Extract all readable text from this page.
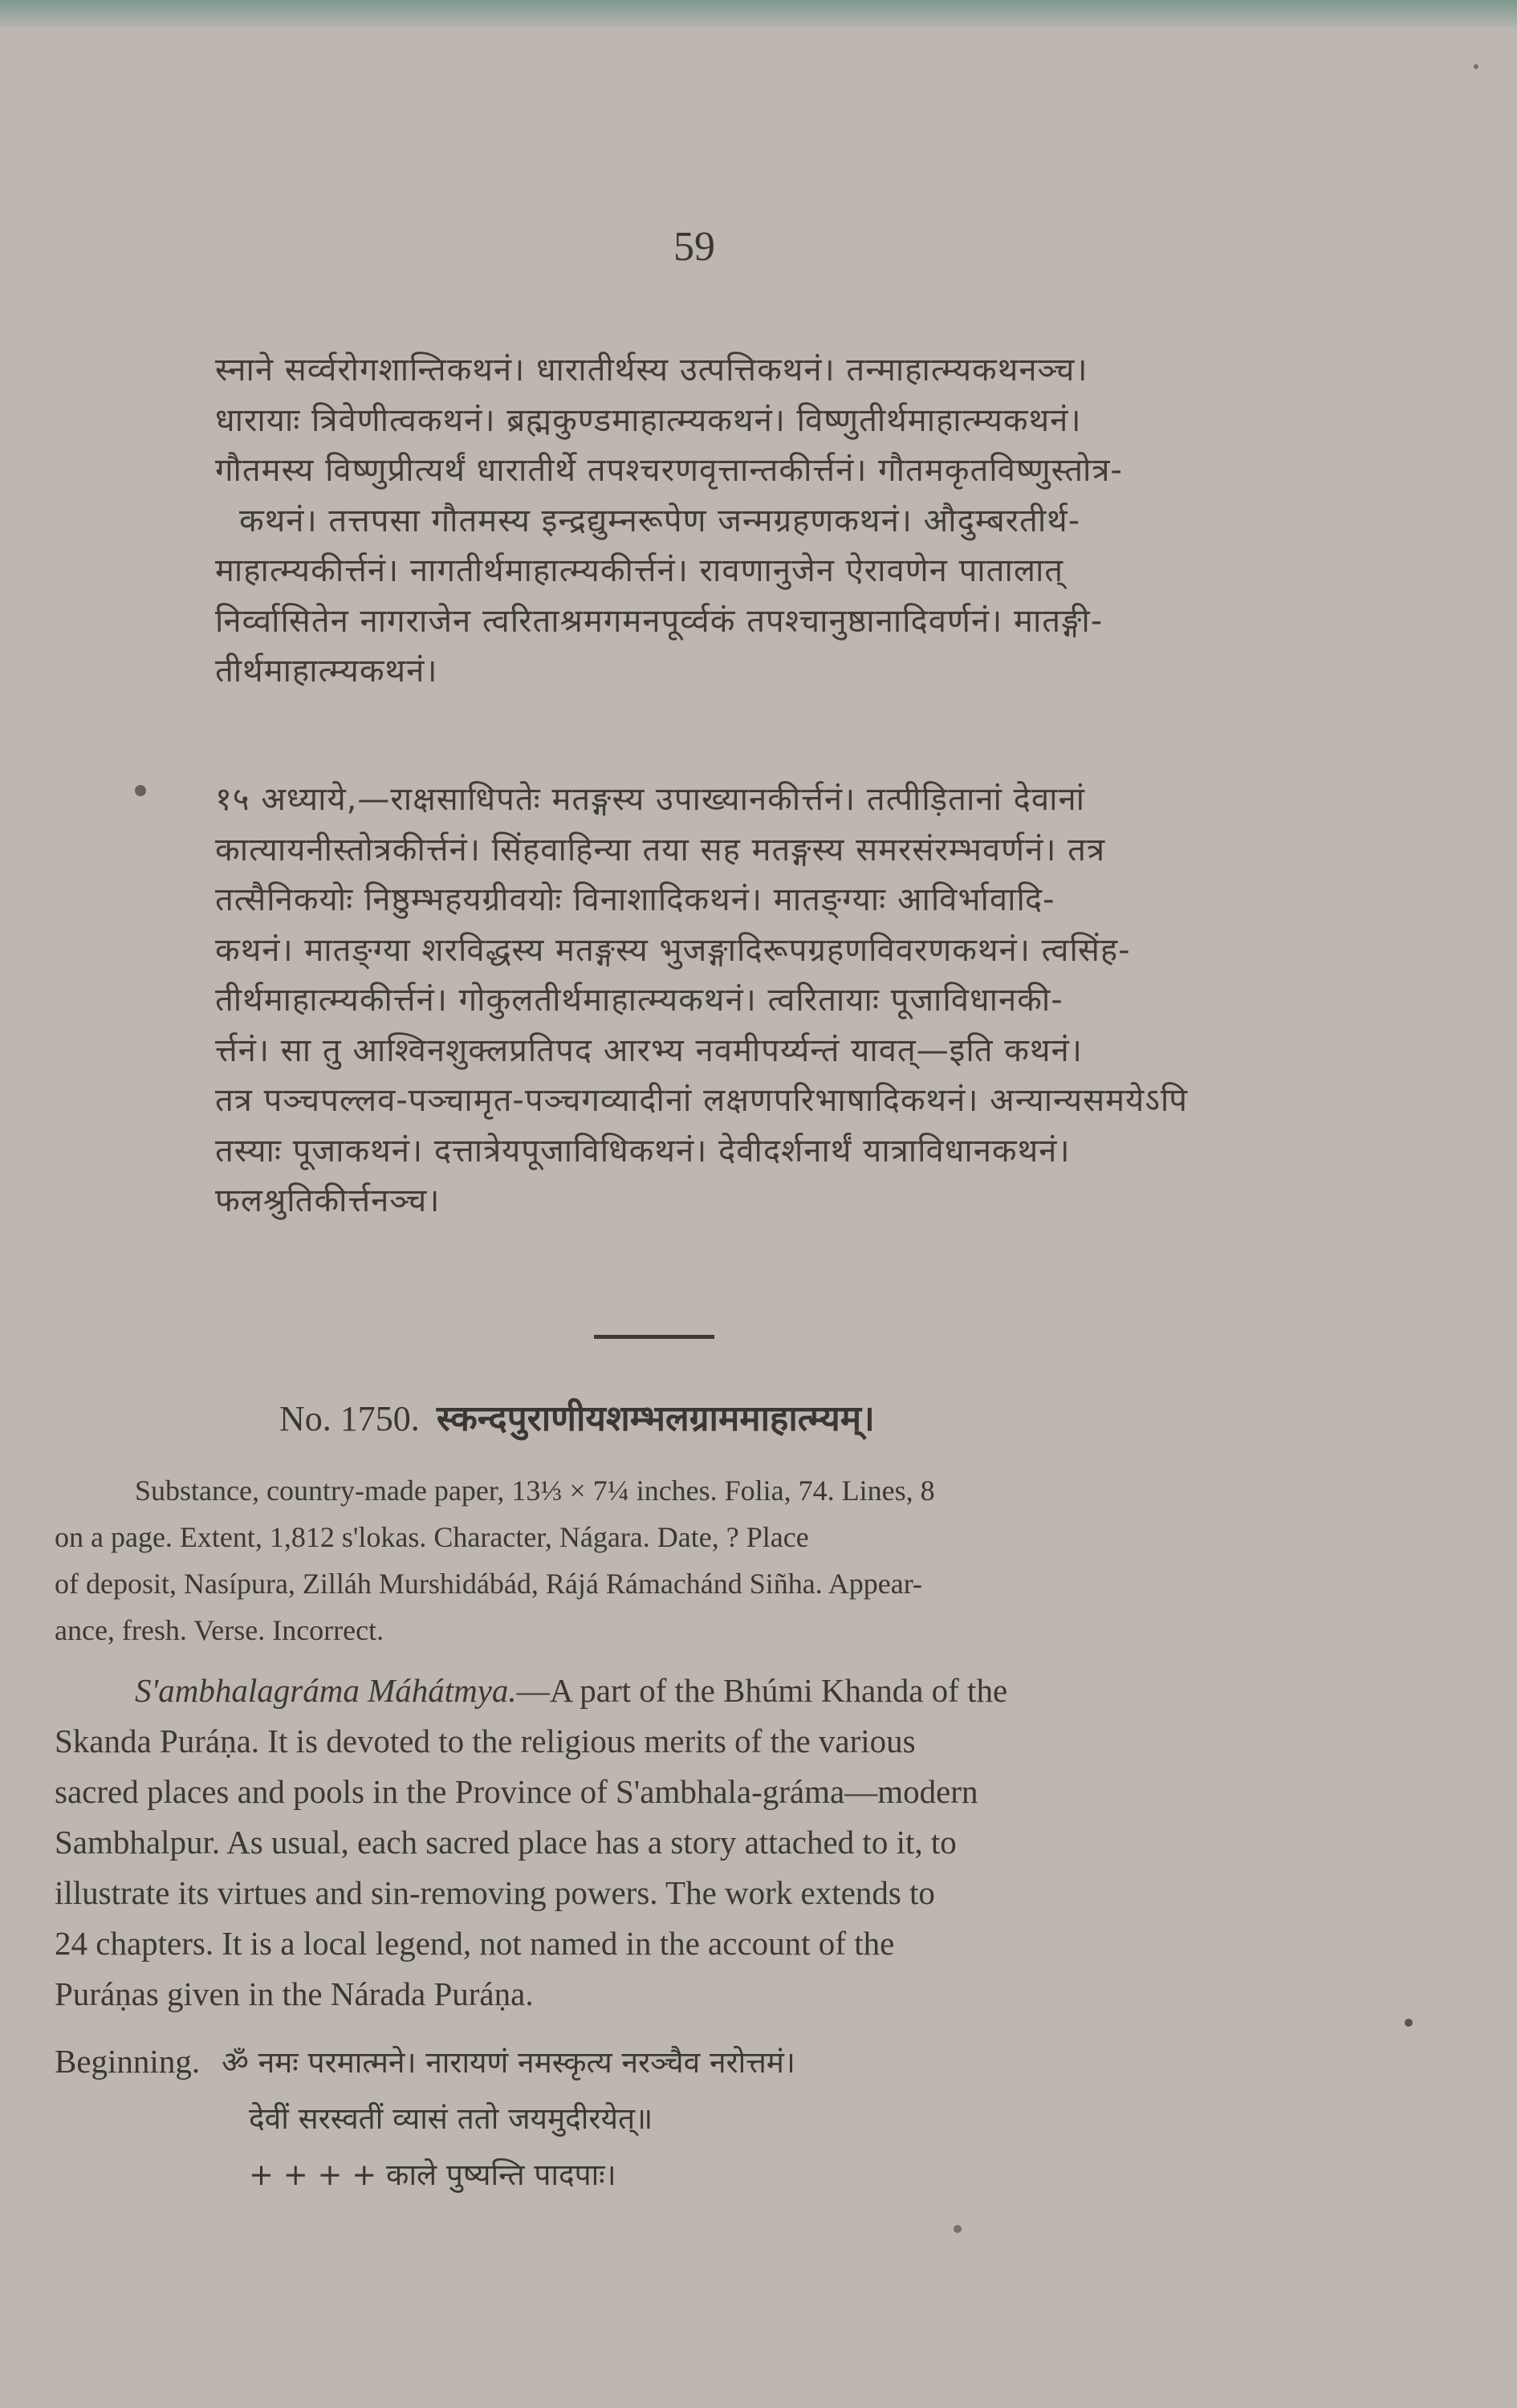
59
स्नाने सर्व्वरोगशान्तिकथनं। धारातीर्थस्य उत्पत्तिकथनं। तन्माहात्म्यकथनञ्च।
धारायाः त्रिवेणीत्वकथनं। ब्रह्मकुण्डमाहात्म्यकथनं। विष्णुतीर्थमाहात्म्यकथनं।
गौतमस्य विष्णुप्रीत्यर्थं धारातीर्थे तपश्चरणवृत्तान्तकीर्त्तनं। गौतमकृतविष्णुस्तोत्र-
कथनं। तत्तपसा गौतमस्य इन्द्रद्युम्नरूपेण जन्मग्रहणकथनं। औदुम्बरतीर्थ-
माहात्म्यकीर्त्तनं। नागतीर्थमाहात्म्यकीर्त्तनं। रावणानुजेन ऐरावणेन पातालात्
निर्व्वासितेन नागराजेन त्वरिताश्रमगमनपूर्व्वकं तपश्चानुष्ठानादिवर्णनं। मातङ्गी-
तीर्थमाहात्म्यकथनं।
१५ अध्याये,—राक्षसाधिपतेः मतङ्गस्य उपाख्यानकीर्त्तनं। तत्पीड़ितानां देवानां
कात्यायनीस्तोत्रकीर्त्तनं। सिंहवाहिन्या तया सह मतङ्गस्य समरसंरम्भवर्णनं। तत्र
तत्सैनिकयोः निष्ठुम्भहयग्रीवयोः विनाशादिकथनं। मातङ्ग्याः आविर्भावादि-
कथनं। मातङ्ग्या शरविद्धस्य मतङ्गस्य भुजङ्गादिरूपग्रहणविवरणकथनं। त्वसिंह-
तीर्थमाहात्म्यकीर्त्तनं। गोकुलतीर्थमाहात्म्यकथनं। त्वरितायाः पूजाविधानकी-
र्त्तनं। सा तु आश्विनशुक्लप्रतिपद आरभ्य नवमीपर्य्यन्तं यावत्—इति कथनं।
तत्र पञ्चपल्लव-पञ्चामृत-पञ्चगव्यादीनां लक्षणपरिभाषादिकथनं। अन्यान्यसमयेऽपि
तस्याः पूजाकथनं। दत्तात्रेयपूजाविधिकथनं। देवीदर्शनार्थं यात्राविधानकथनं।
फलश्रुतिकीर्त्तनञ्च।
No. 1750. स्कन्दपुराणीयशम्भलग्राममाहात्म्यम्।
Substance, country-made paper, 13⅓ × 7¼ inches. Folia, 74. Lines, 8
on a page. Extent, 1,812 s'lokas. Character, Nágara. Date, ? Place
of deposit, Nasípura, Zilláh Murshidábád, Rájá Rámachánd Siñha. Appear-
ance, fresh. Verse. Incorrect.
S'ambhalagráma Máhátmya.—A part of the Bhúmi Khanda of the
Skanda Puráṇa. It is devoted to the religious merits of the various
sacred places and pools in the Province of S'ambhala-gráma—modern
Sambhalpur. As usual, each sacred place has a story attached to it, to
illustrate its virtues and sin-removing powers. The work extends to
24 chapters. It is a local legend, not named in the account of the
Puráṇas given in the Nárada Puráṇa.
Beginning. ॐ नमः परमात्मने। नारायणं नमस्कृत्य नरञ्चैव नरोत्तमं।
देवीं सरस्वतीं व्यासं ततो जयमुदीरयेत्॥
+ + + + काले पुष्यन्ति पादपाः।
